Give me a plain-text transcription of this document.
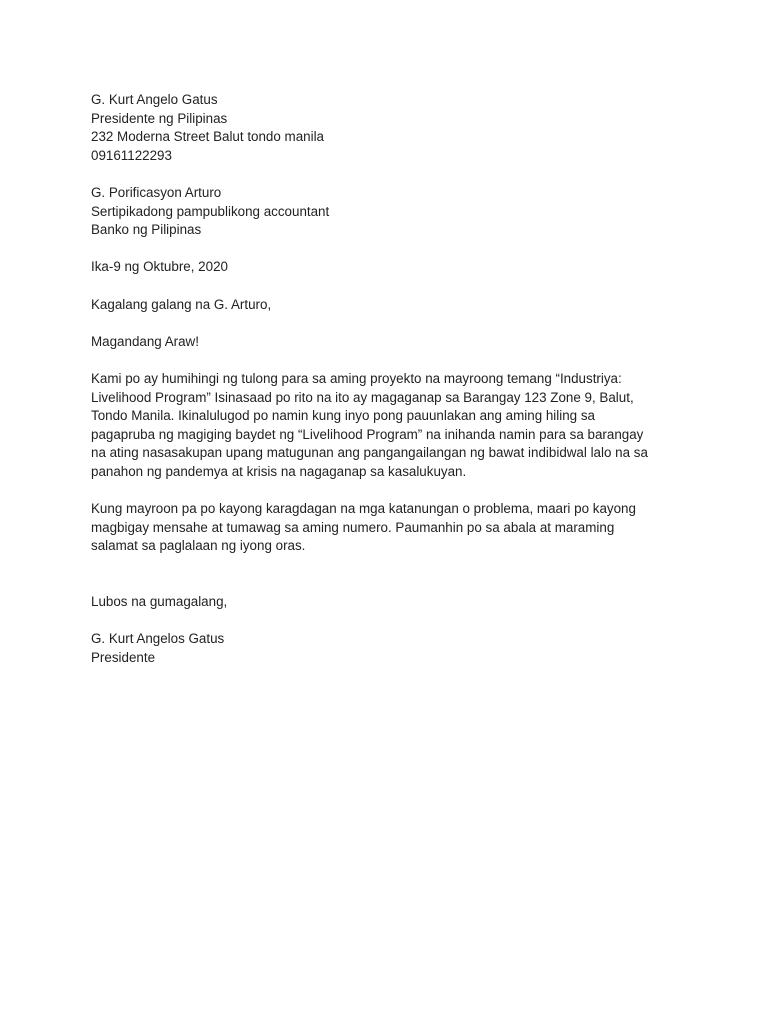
G. Kurt Angelo Gatus
Presidente ng Pilipinas
232 Moderna Street Balut tondo manila
09161122293
G. Porificasyon Arturo
Sertipikadong pampublikong accountant
Banko ng Pilipinas
Ika-9 ng Oktubre, 2020
Kagalang galang na G. Arturo,
Magandang Araw!
Kami po ay humihingi ng tulong para sa aming proyekto na mayroong temang “Industriya:
Livelihood Program” Isinasaad po rito na ito ay magaganap sa Barangay 123 Zone 9, Balut,
Tondo Manila. Ikinalulugod po namin kung inyo pong pauunlakan ang aming hiling sa
pagapruba ng magiging baydet ng “Livelihood Program” na inihanda namin para sa barangay
na ating nasasakupan upang matugunan ang pangangailangan ng bawat indibidwal lalo na sa
panahon ng pandemya at krisis na nagaganap sa kasalukuyan.
Kung mayroon pa po kayong karagdagan na mga katanungan o problema, maari po kayong
magbigay mensahe at tumawag sa aming numero. Paumanhin po sa abala at maraming
salamat sa paglalaan ng iyong oras.
Lubos na gumagalang,
G. Kurt Angelos Gatus
Presidente
